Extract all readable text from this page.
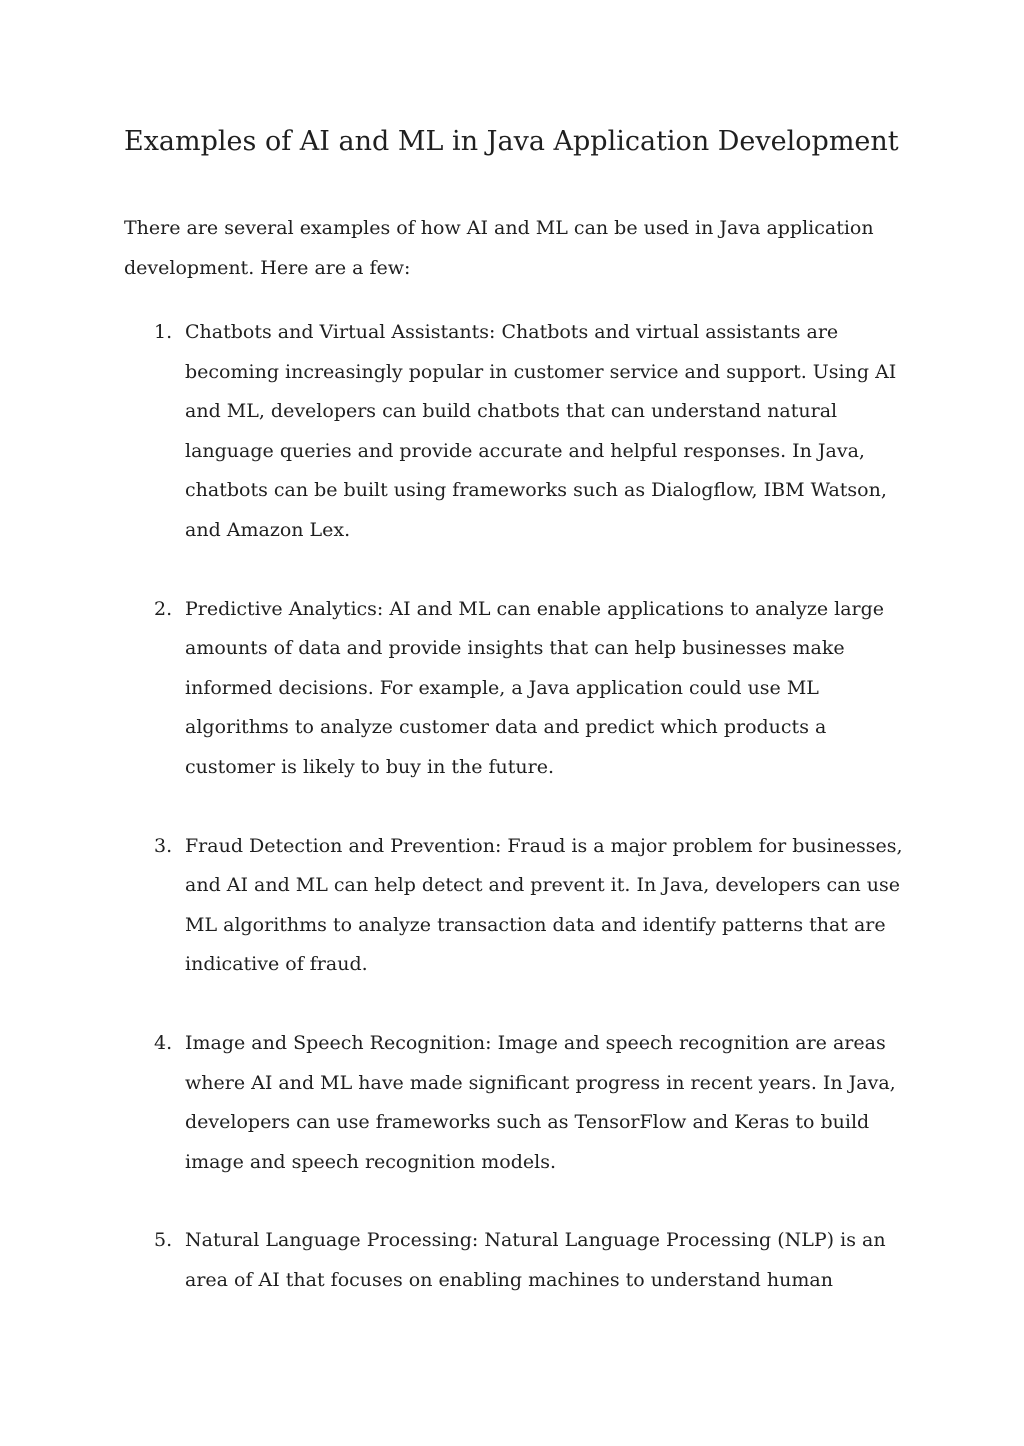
Examples of AI and ML in Java Application Development

There are several examples of how AI and ML can be used in Java application development. Here are a few:

1. Chatbots and Virtual Assistants: Chatbots and virtual assistants are becoming increasingly popular in customer service and support. Using AI and ML, developers can build chatbots that can understand natural language queries and provide accurate and helpful responses. In Java, chatbots can be built using frameworks such as Dialogflow, IBM Watson, and Amazon Lex.
2. Predictive Analytics: AI and ML can enable applications to analyze large amounts of data and provide insights that can help businesses make informed decisions. For example, a Java application could use ML algorithms to analyze customer data and predict which products a customer is likely to buy in the future.
3. Fraud Detection and Prevention: Fraud is a major problem for businesses, and AI and ML can help detect and prevent it. In Java, developers can use ML algorithms to analyze transaction data and identify patterns that are indicative of fraud.
4. Image and Speech Recognition: Image and speech recognition are areas where AI and ML have made significant progress in recent years. In Java, developers can use frameworks such as TensorFlow and Keras to build image and speech recognition models.
5. Natural Language Processing: Natural Language Processing (NLP) is an area of AI that focuses on enabling machines to understand human
